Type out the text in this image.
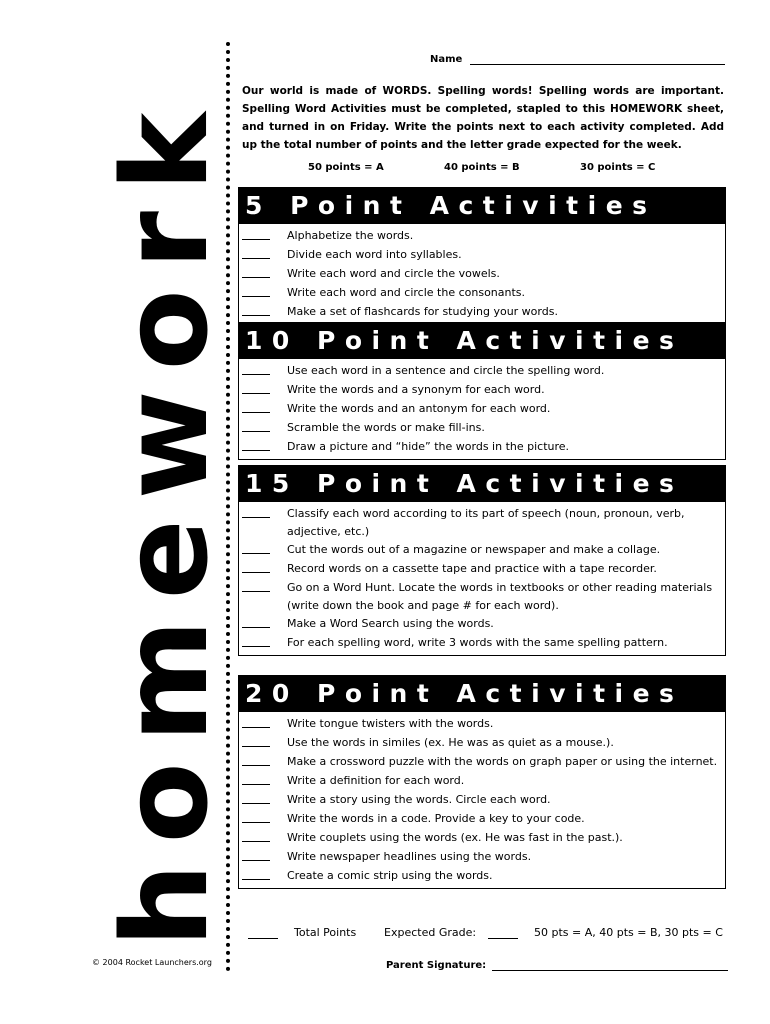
homework
© 2004 Rocket Launchers.org
Name
Our world is made of WORDS. Spelling words! Spelling words are important. Spelling Word Activities must be completed, stapled to this HOMEWORK sheet, and turned in on Friday. Write the points next to each activity completed. Add up the total number of points and the letter grade expected for the week.
50 points = A	40 points = B	30 points = C
5 Point Activities
Alphabetize the words.
Divide each word into syllables.
Write each word and circle the vowels.
Write each word and circle the consonants.
Make a set of flashcards for studying your words.
10 Point Activities
Use each word in a sentence and circle the spelling word.
Write the words and a synonym for each word.
Write the words and an antonym for each word.
Scramble the words or make fill-ins.
Draw a picture and “hide” the words in the picture.
15 Point Activities
Classify each word according to its part of speech (noun, pronoun, verb, adjective, etc.)
Cut the words out of a magazine or newspaper and make a collage.
Record words on a cassette tape and practice with a tape recorder.
Go on a Word Hunt. Locate the words in textbooks or other reading materials (write down the book and page # for each word).
Make a Word Search using the words.
For each spelling word, write 3 words with the same spelling pattern.
20 Point Activities
Write tongue twisters with the words.
Use the words in similes (ex. He was as quiet as a mouse.).
Make a crossword puzzle with the words on graph paper or using the internet.
Write a definition for each word.
Write a story using the words. Circle each word.
Write the words in a code. Provide a key to your code.
Write couplets using the words (ex. He was fast in the past.).
Write newspaper headlines using the words.
Create a comic strip using the words.
Total Points	Expected Grade:	50 pts = A, 40 pts = B, 30 pts = C
Parent Signature:
